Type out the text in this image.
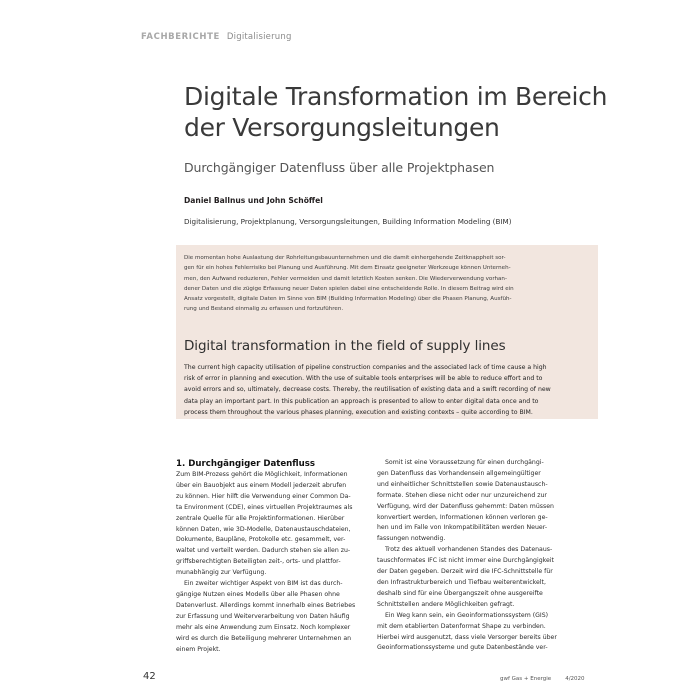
FACHBERICHTE Digitalisierung
Digitale Transformation im Bereich
der Versorgungsleitungen
Durchgängiger Datenfluss über alle Projektphasen
Daniel Ballnus und John Schöffel
Digitalisierung, Projektplanung, Versorgungsleitungen, Building Information Modeling (BIM)
Die momentan hohe Auslastung der Rohrleitungsbauunternehmen und die damit einhergehende Zeitknappheit sor-
gen für ein hohes Fehlerrisiko bei Planung und Ausführung. Mit dem Einsatz geeigneter Werkzeuge können Unterneh-
men, den Aufwand reduzieren, Fehler vermeiden und damit letztlich Kosten senken. Die Wiederverwendung vorhan-
dener Daten und die zügige Erfassung neuer Daten spielen dabei eine entscheidende Rolle. In diesem Beitrag wird ein
Ansatz vorgestellt, digitale Daten im Sinne von BIM (Building Information Modeling) über die Phasen Planung, Ausfüh-
rung und Bestand einmalig zu erfassen und fortzuführen.
Digital transformation in the field of supply lines
The current high capacity utilisation of pipeline construction companies and the associated lack of time cause a high
risk of error in planning and execution. With the use of suitable tools enterprises will be able to reduce effort and to
avoid errors and so, ultimately, decrease costs. Thereby, the reutilisation of existing data and a swift recording of new
data play an important part. In this publication an approach is presented to allow to enter digital data once and to
process them throughout the various phases planning, execution and existing contexts – quite according to BIM.
1. Durchgängiger Datenfluss
Zum BIM-Prozess gehört die Möglichkeit, Informationen
über ein Bauobjekt aus einem Modell jederzeit abrufen
zu können. Hier hilft die Verwendung einer Common Da-
ta Environment (CDE), eines virtuellen Projektraumes als
zentrale Quelle für alle Projektinformationen. Hierüber
können Daten, wie 3D-Modelle, Datenaustauschdateien,
Dokumente, Baupläne, Protokolle etc. gesammelt, ver-
waltet und verteilt werden. Dadurch stehen sie allen zu-
griffsberechtigten Beteiligten zeit-, orts- und plattfor-
munabhängig zur Verfügung.
Ein zweiter wichtiger Aspekt von BIM ist das durch-
gängige Nutzen eines Modells über alle Phasen ohne
Datenverlust. Allerdings kommt innerhalb eines Betriebes
zur Erfassung und Weiterverarbeitung von Daten häufig
mehr als eine Anwendung zum Einsatz. Noch komplexer
wird es durch die Beteiligung mehrerer Unternehmen an
einem Projekt.
Somit ist eine Voraussetzung für einen durchgängi-
gen Datenfluss das Vorhandensein allgemeingültiger
und einheitlicher Schnittstellen sowie Datenaustausch-
formate. Stehen diese nicht oder nur unzureichend zur
Verfügung, wird der Datenfluss gehemmt: Daten müssen
konvertiert werden, Informationen können verloren ge-
hen und im Falle von Inkompatibilitäten werden Neuer-
fassungen notwendig.
Trotz des aktuell vorhandenen Standes des Datenaus-
tauschformates IFC ist nicht immer eine Durchgängigkeit
der Daten gegeben. Derzeit wird die IFC-Schnittstelle für
den Infrastrukturbereich und Tiefbau weiterentwickelt,
deshalb sind für eine Übergangszeit ohne ausgereifte
Schnittstellen andere Möglichkeiten gefragt.
Ein Weg kann sein, ein Geoinformationssystem (GIS)
mit dem etablierten Datenformat Shape zu verbinden.
Hierbei wird ausgenutzt, dass viele Versorger bereits über
Geoinformationssysteme und gute Datenbestände ver-
42	gwf Gas + Energie	4/2020
